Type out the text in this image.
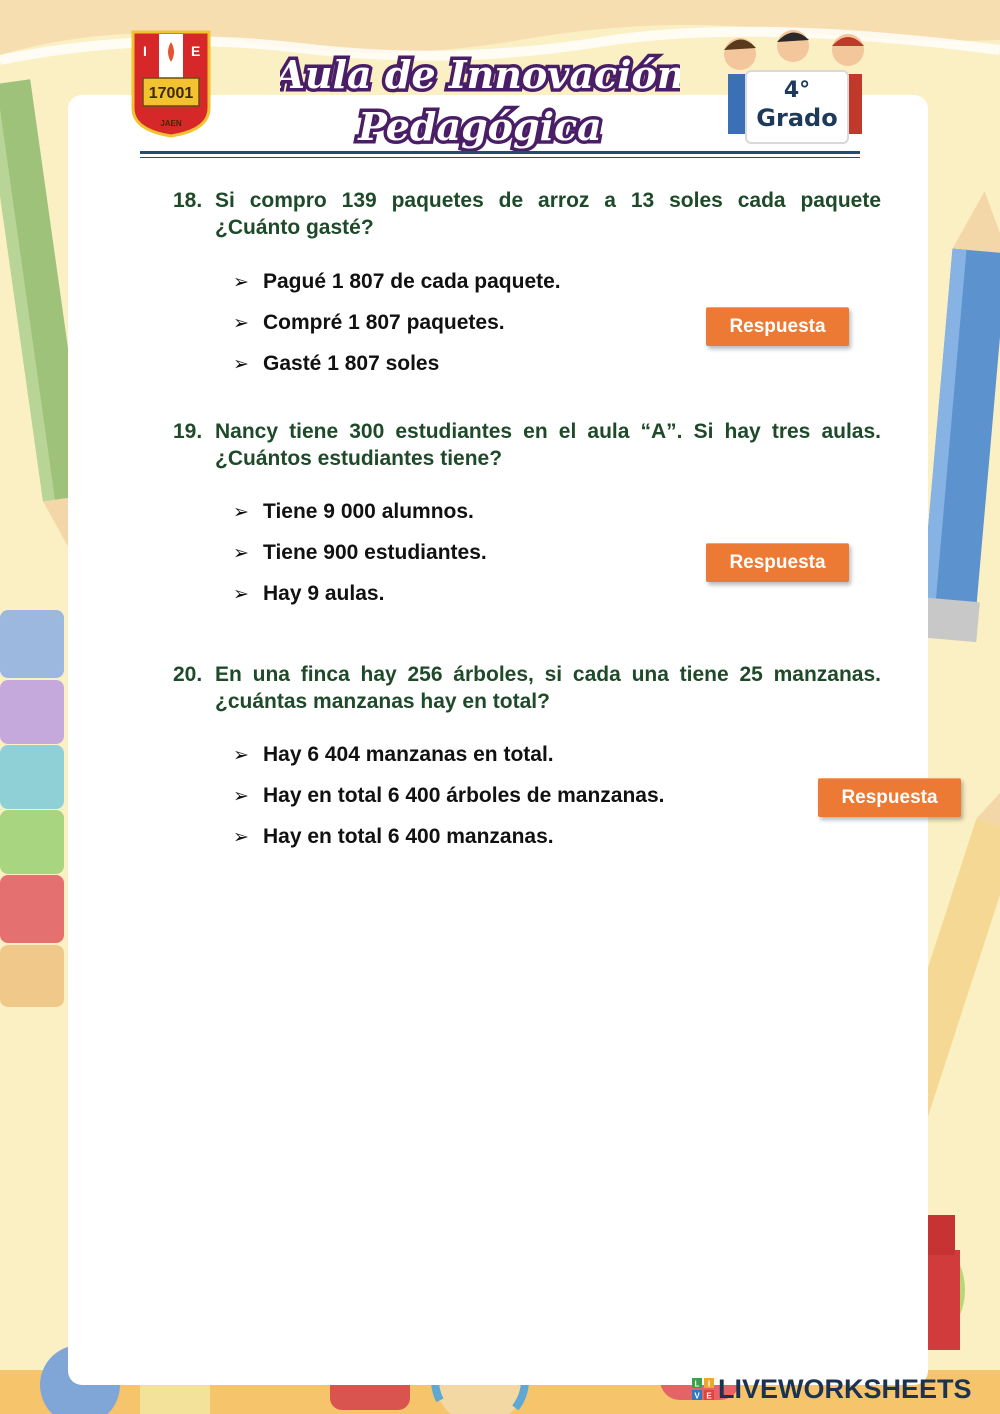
I	E
17001
JAEN
Aula de Innovación
Pedagógica
4°
Grado
18. Si compro 139 paquetes de arroz a 13 soles cada paquete ¿Cuánto gasté?
➢ Pagué 1 807 de cada paquete.
➢ Compré 1 807 paquetes.
➢ Gasté 1 807 soles
Respuesta
19. Nancy tiene 300 estudiantes en el aula “A”. Si hay tres aulas. ¿Cuántos estudiantes tiene?
➢ Tiene 9 000 alumnos.
➢ Tiene 900 estudiantes.
➢ Hay 9 aulas.
Respuesta
20. En una finca hay 256 árboles, si cada una tiene 25 manzanas. ¿cuántas manzanas hay en total?
➢ Hay 6 404 manzanas en total.
➢ Hay en total 6 400 árboles de manzanas.
➢ Hay en total 6 400 manzanas.
Respuesta
L I
V E LIVEWORKSHEETS
